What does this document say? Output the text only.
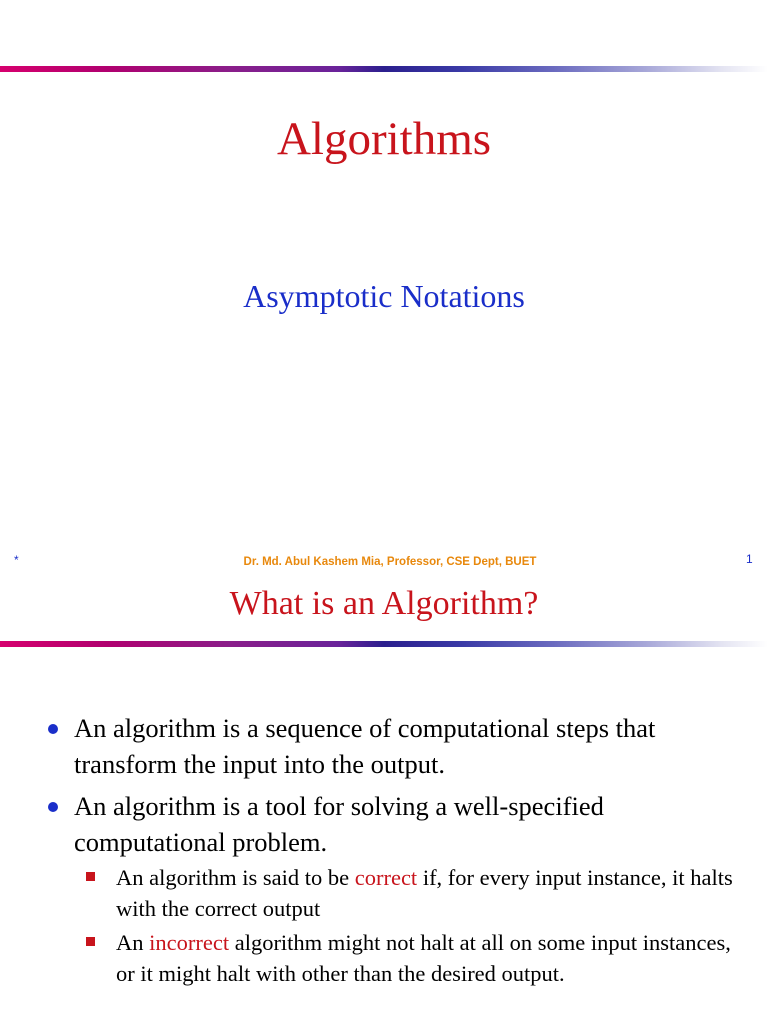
Algorithms
Asymptotic Notations
*	Dr. Md. Abul Kashem Mia, Professor, CSE Dept, BUET	1
What is an Algorithm?
An algorithm is a sequence of computational steps that transform the input into the output.
An algorithm is a tool for solving a well-specified computational problem.
An algorithm is said to be correct if, for every input instance, it halts with the correct output
An incorrect algorithm might not halt at all on some input instances, or it might halt with other than the desired output.
